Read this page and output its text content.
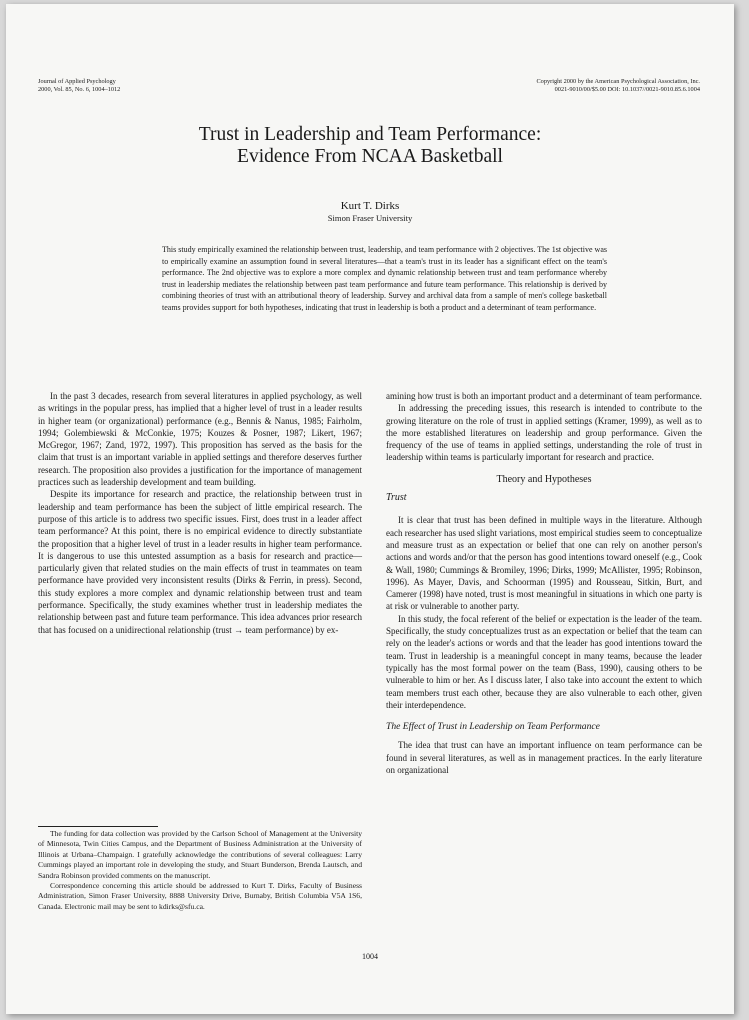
Journal of Applied Psychology
2000, Vol. 85, No. 6, 1004–1012
Copyright 2000 by the American Psychological Association, Inc.
0021-9010/00/$5.00 DOI: 10.1037//0021-9010.85.6.1004
Trust in Leadership and Team Performance:
Evidence From NCAA Basketball
Kurt T. Dirks
Simon Fraser University
This study empirically examined the relationship between trust, leadership, and team performance with 2 objectives. The 1st objective was to empirically examine an assumption found in several literatures—that a team's trust in its leader has a significant effect on the team's performance. The 2nd objective was to explore a more complex and dynamic relationship between trust and team performance whereby trust in leadership mediates the relationship between past team performance and future team performance. This relationship is derived by combining theories of trust with an attributional theory of leadership. Survey and archival data from a sample of men's college basketball teams provides support for both hypotheses, indicating that trust in leadership is both a product and a determinant of team performance.

In the past 3 decades, research from several literatures in applied psychology, as well as writings in the popular press, has implied that a higher level of trust in a leader results in higher team (or organizational) performance (e.g., Bennis & Nanus, 1985; Fairholm, 1994; Golembiewski & McConkie, 1975; Kouzes & Posner, 1987; Likert, 1967; McGregor, 1967; Zand, 1972, 1997). This proposition has served as the basis for the claim that trust is an important variable in applied settings and therefore deserves further research. The proposition also provides a justification for the importance of management practices such as leadership development and team building.

Despite its importance for research and practice, the relationship between trust in leadership and team performance has been the subject of little empirical research. The purpose of this article is to address two specific issues. First, does trust in a leader affect team performance? At this point, there is no empirical evidence to directly substantiate the proposition that a higher level of trust in a leader results in higher team performance. It is dangerous to use this untested assumption as a basis for research and practice—particularly given that related studies on the main effects of trust in teammates on team performance have provided very inconsistent results (Dirks & Ferrin, in press). Second, this study explores a more complex and dynamic relationship between trust and team performance. Specifically, the study examines whether trust in leadership mediates the relationship between past and future team performance. This idea advances prior research that has focused on a unidirectional relationship (trust → team performance) by ex-

amining how trust is both an important product and a determinant of team performance.

In addressing the preceding issues, this research is intended to contribute to the growing literature on the role of trust in applied settings (Kramer, 1999), as well as to the more established literatures on leadership and group performance. Given the frequency of the use of teams in applied settings, understanding the role of trust in leadership within teams is particularly important for research and practice.

Theory and Hypotheses
Trust

It is clear that trust has been defined in multiple ways in the literature. Although each researcher has used slight variations, most empirical studies seem to conceptualize and measure trust as an expectation or belief that one can rely on another person's actions and words and/or that the person has good intentions toward oneself (e.g., Cook & Wall, 1980; Cummings & Bromiley, 1996; Dirks, 1999; McAllister, 1995; Robinson, 1996). As Mayer, Davis, and Schoorman (1995) and Rousseau, Sitkin, Burt, and Camerer (1998) have noted, trust is most meaningful in situations in which one party is at risk or vulnerable to another party.

In this study, the focal referent of the belief or expectation is the leader of the team. Specifically, the study conceptualizes trust as an expectation or belief that the team can rely on the leader's actions or words and that the leader has good intentions toward the team. Trust in leadership is a meaningful concept in many teams, because the leader typically has the most formal power on the team (Bass, 1990), causing others to be vulnerable to him or her. As I discuss later, I also take into account the extent to which team members trust each other, because they are also vulnerable to each other, given their interdependence.

The Effect of Trust in Leadership on Team Performance

The idea that trust can have an important influence on team performance can be found in several literatures, as well as in management practices. In the early literature on organizational

The funding for data collection was provided by the Carlson School of Management at the University of Minnesota, Twin Cities Campus, and the Department of Business Administration at the University of Illinois at Urbana–Champaign. I gratefully acknowledge the contributions of several colleagues: Larry Cummings played an important role in developing the study, and Stuart Bunderson, Brenda Lautsch, and Sandra Robinson provided comments on the manuscript.

Correspondence concerning this article should be addressed to Kurt T. Dirks, Faculty of Business Administration, Simon Fraser University, 8888 University Drive, Burnaby, British Columbia V5A 1S6, Canada. Electronic mail may be sent to kdirks@sfu.ca.

1004
